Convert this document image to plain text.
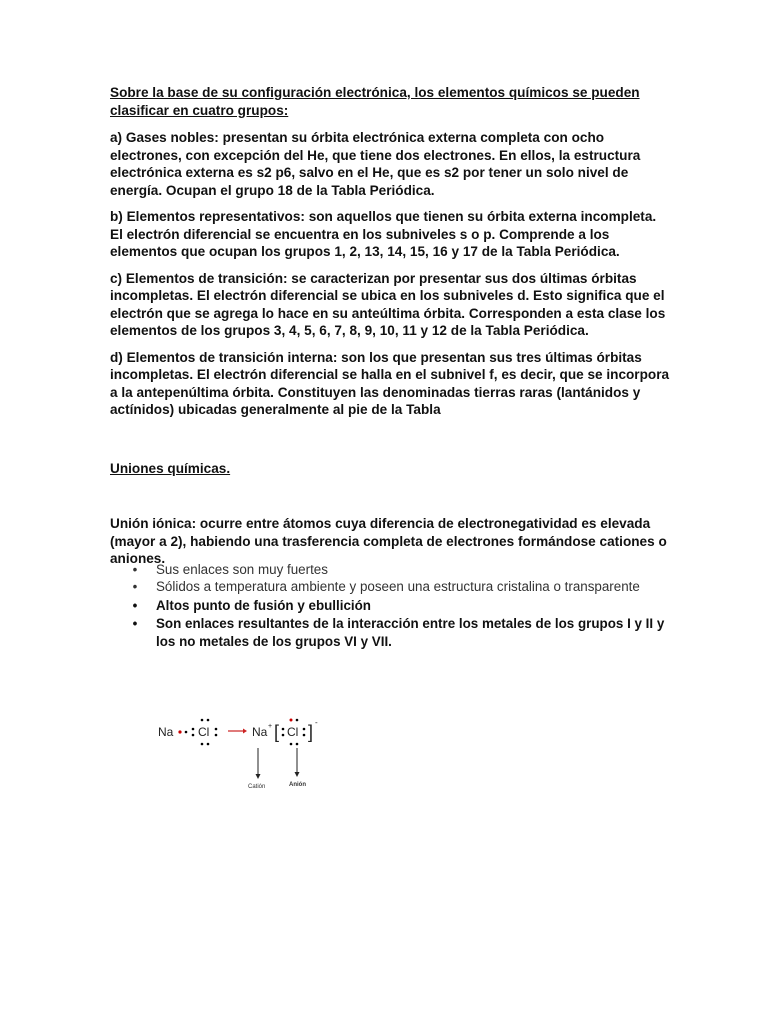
Sobre la base de su configuración electrónica, los elementos químicos se pueden clasificar en cuatro grupos:

a) Gases nobles: presentan su órbita electrónica externa completa con ocho electrones, con excepción del He, que tiene dos electrones. En ellos, la estructura electrónica externa es s2 p6, salvo en el He, que es s2 por tener un solo nivel de energía. Ocupan el grupo 18 de la Tabla Periódica.

b) Elementos representativos: son aquellos que tienen su órbita externa incompleta. El electrón diferencial se encuentra en los subniveles s o p. Comprende a los elementos que ocupan los grupos 1, 2, 13, 14, 15, 16 y 17 de la Tabla Periódica.

c) Elementos de transición: se caracterizan por presentar sus dos últimas órbitas incompletas. El electrón diferencial se ubica en los subniveles d. Esto significa que el electrón que se agrega lo hace en su anteúltima órbita. Corresponden a esta clase los elementos de los grupos 3, 4, 5, 6, 7, 8, 9, 10, 11 y 12 de la Tabla Periódica.

d) Elementos de transición interna: son los que presentan sus tres últimas órbitas incompletas. El electrón diferencial se halla en el subnivel f, es decir, que se incorpora a la antepenúltima órbita. Constituyen las denominadas tierras raras (lantánidos y actínidos) ubicadas generalmente al pie de la Tabla

Uniones químicas.

Unión iónica: ocurre entre átomos cuya diferencia de electronegatividad es elevada (mayor a 2), habiendo una trasferencia completa de electrones formándose cationes o aniones.

• Sus enlaces son muy fuertes
• Sólidos a temperatura ambiente y poseen una estructura cristalina o transparente
• Altos punto de fusión y ebullición
• Son enlaces resultantes de la interacción entre los metales de los grupos I y II y los no metales de los grupos VI y VII.
Na Cl	Na + [ Cl ] -
Catión	Anión
